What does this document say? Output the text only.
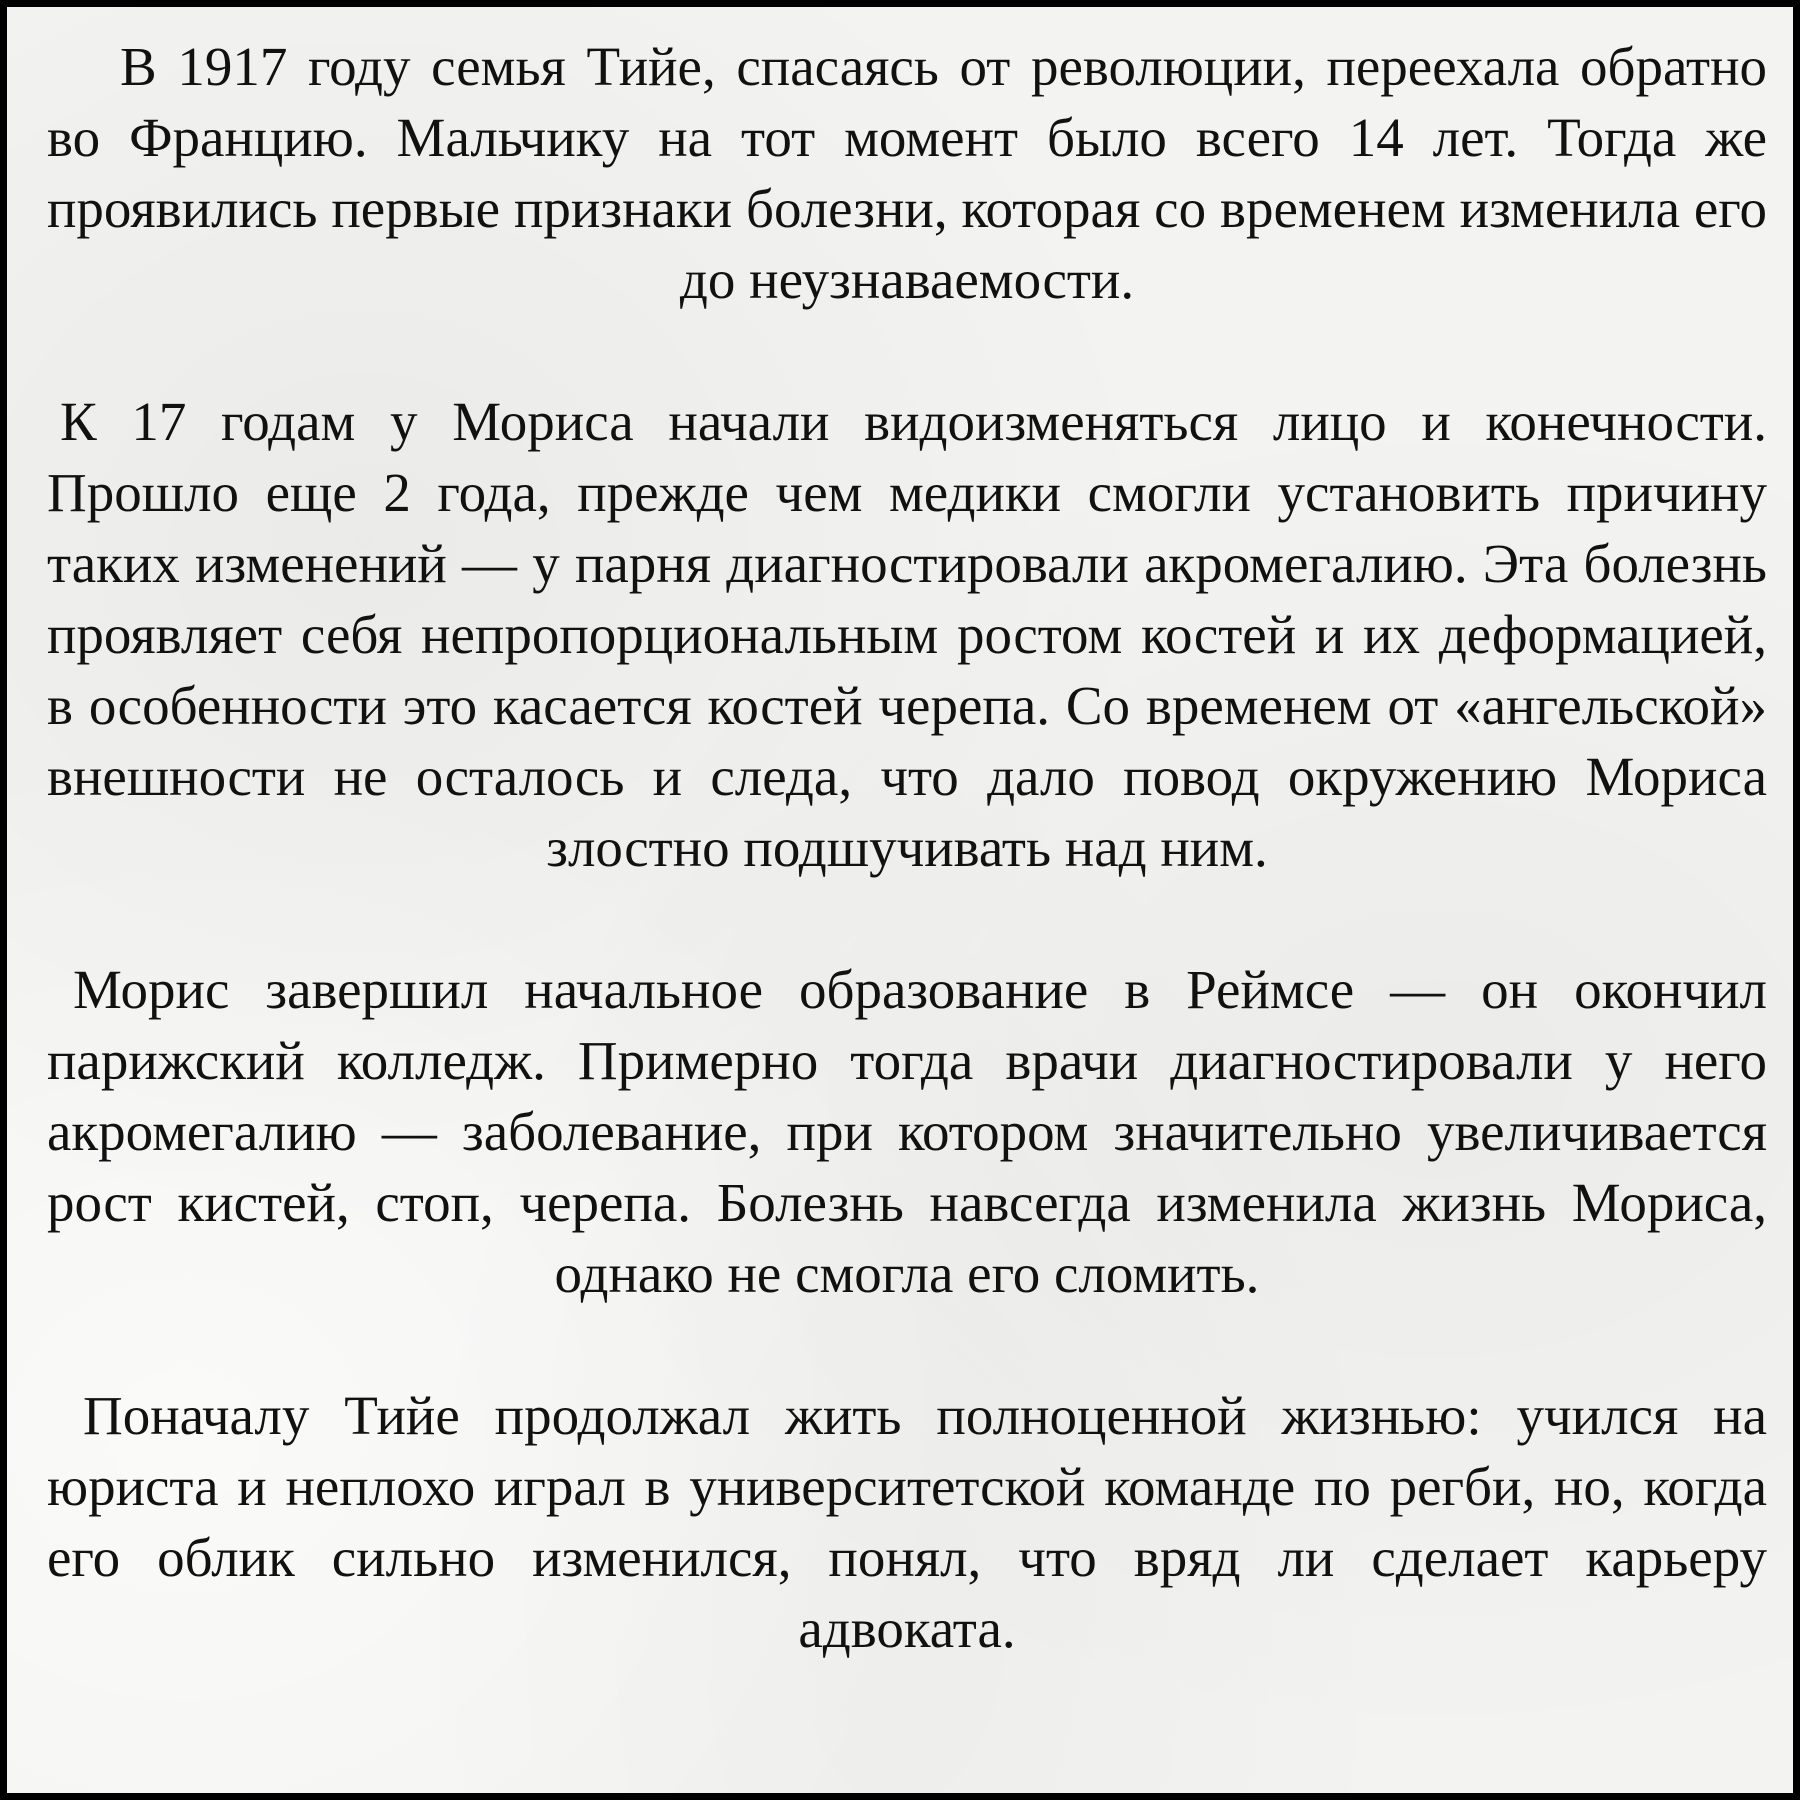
В 1917 году семья Тийе, спасаясь от революции, переехала обратно во Францию. Мальчику на тот момент было всего 14 лет. Тогда же проявились первые признаки болезни, которая со временем изменила его до неузнаваемости.

К 17 годам у Мориса начали видоизменяться лицо и конечности. Прошло еще 2 года, прежде чем медики смогли установить причину таких изменений — у парня диагностировали акромегалию. Эта болезнь проявляет себя непропорциональным ростом костей и их деформацией, в особенности это касается костей черепа. Со временем от «ангельской» внешности не осталось и следа, что дало повод окружению Мориса злостно подшучивать над ним.

Морис завершил начальное образование в Реймсе — он окончил парижский колледж. Примерно тогда врачи диагностировали у него акромегалию — заболевание, при котором значительно увеличивается рост кистей, стоп, черепа. Болезнь навсегда изменила жизнь Мориса, однако не смогла его сломить.

Поначалу Тийе продолжал жить полноценной жизнью: учился на юриста и неплохо играл в университетской команде по регби, но, когда его облик сильно изменился, понял, что вряд ли сделает карьеру адвоката.
